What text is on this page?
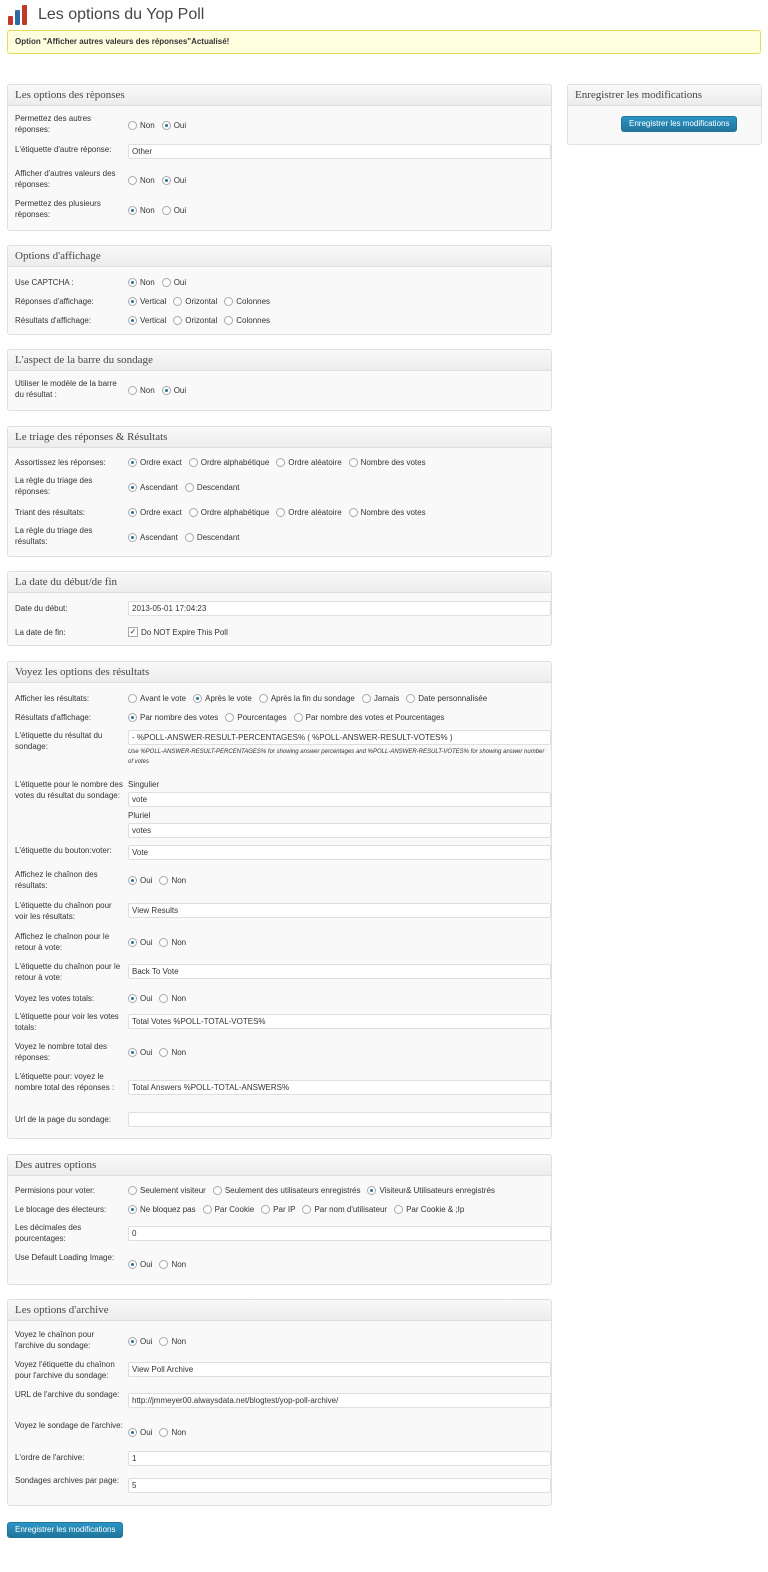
Les options du Yop Poll
Option "Afficher autres valeurs des réponses"Actualisé!
Enregistrer les modifications
Enregistrer les modifications
Les options des rèponses
Permettez des autres réponses:	Non Oui
L'étiquette d'autre réponse:	Other
Afficher d'autres valeurs des réponses:	Non Oui
Permettez des plusieurs rèponses:	Non Oui
Options d'affichage
Use CAPTCHA :	Non Oui
Réponses d'affichage:	Vertical Orizontal Colonnes
Résultats d'affichage:	Vertical Orizontal Colonnes
L'aspect de la barre du sondage
Utiliser le modèle de la barre du résultat :	Non Oui
Le triage des réponses & Résultats
Assortissez les réponses:	Ordre exact Ordre alphabétique Ordre aléatoire Nombre des votes
La règle du triage des réponses:	Ascendant Descendant
Triant des résultats:	Ordre exact Ordre alphabétique Ordre aléatoire Nombre des votes
La règle du triage des résultats:	Ascendant Descendant
La date du début/de fin
Date du début:	2013-05-01 17:04:23
La date de fin:	✓ Do NOT Expire This Poll
Voyez les options des résultats
Afficher les résultats:	Avant le vote Après le vote Après la fin du sondage Jamais Date personnalisée
Résultats d'affichage:	Par nombre des votes Pourcentages Par nombre des votes et Pourcentages
L'étiquette du résultat du sondage:
- %POLL-ANSWER-RESULT-PERCENTAGES% ( %POLL-ANSWER-RESULT-VOTES% )
Use %POLL-ANSWER-RESULT-PERCENTAGES% for showing answer percentages and %POLL-ANSWER-RESULT-VOTES% for showing answer number of votes
L'étiquette pour le nombre des votes du résultat du sondage:
Singulier
vote
Pluriel
votes
L'étiquette du bouton:voter:	Vote
Affichez le chaînon des résultats:
Oui Non
L'étiquette du chaînon pour voir les résultats:
View Results
Affichez le chaînon pour le retour à vote:
Oui Non
L'étiquette du chaînon pour le retour à vote:
Back To Vote
Voyez les votes totals:	Oui Non
L'étiquette pour voir les votes totals:
Total Votes %POLL-TOTAL-VOTES%
Voyez le nombre total des réponses:
Oui Non
L'étiquette pour: voyez le nombre total des réponses :	Total Answers %POLL-TOTAL-ANSWERS%
Url de la page du sondage:
Des autres options
Permisions pour voter:	Seulement visiteur Seulement des utilisateurs enregistrés Visiteur& Utilisateurs enregistrés
Le blocage des électeurs:	Ne bloquez pas Par Cookie Par IP Par nom d'utilisateur Par Cookie & ;Ip
Les décimales des pourcentages:
0
Use Default Loading Image:
Oui Non
Les options d'archive
Voyez le chaînon pour l'archive du sondage:	Oui Non
Voyez l'étiquette du chaînon pour l'archive du sondage:
View Poll Archive
URL de l'archive du sondage:
http://jmmeyer00.alwaysdata.net/blogtest/yop-poll-archive/
Voyez le sondage de l'archive:
Oui Non
L'ordre de l'archive:	1
Sondages archives par page:
5
Enregistrer les modifications
